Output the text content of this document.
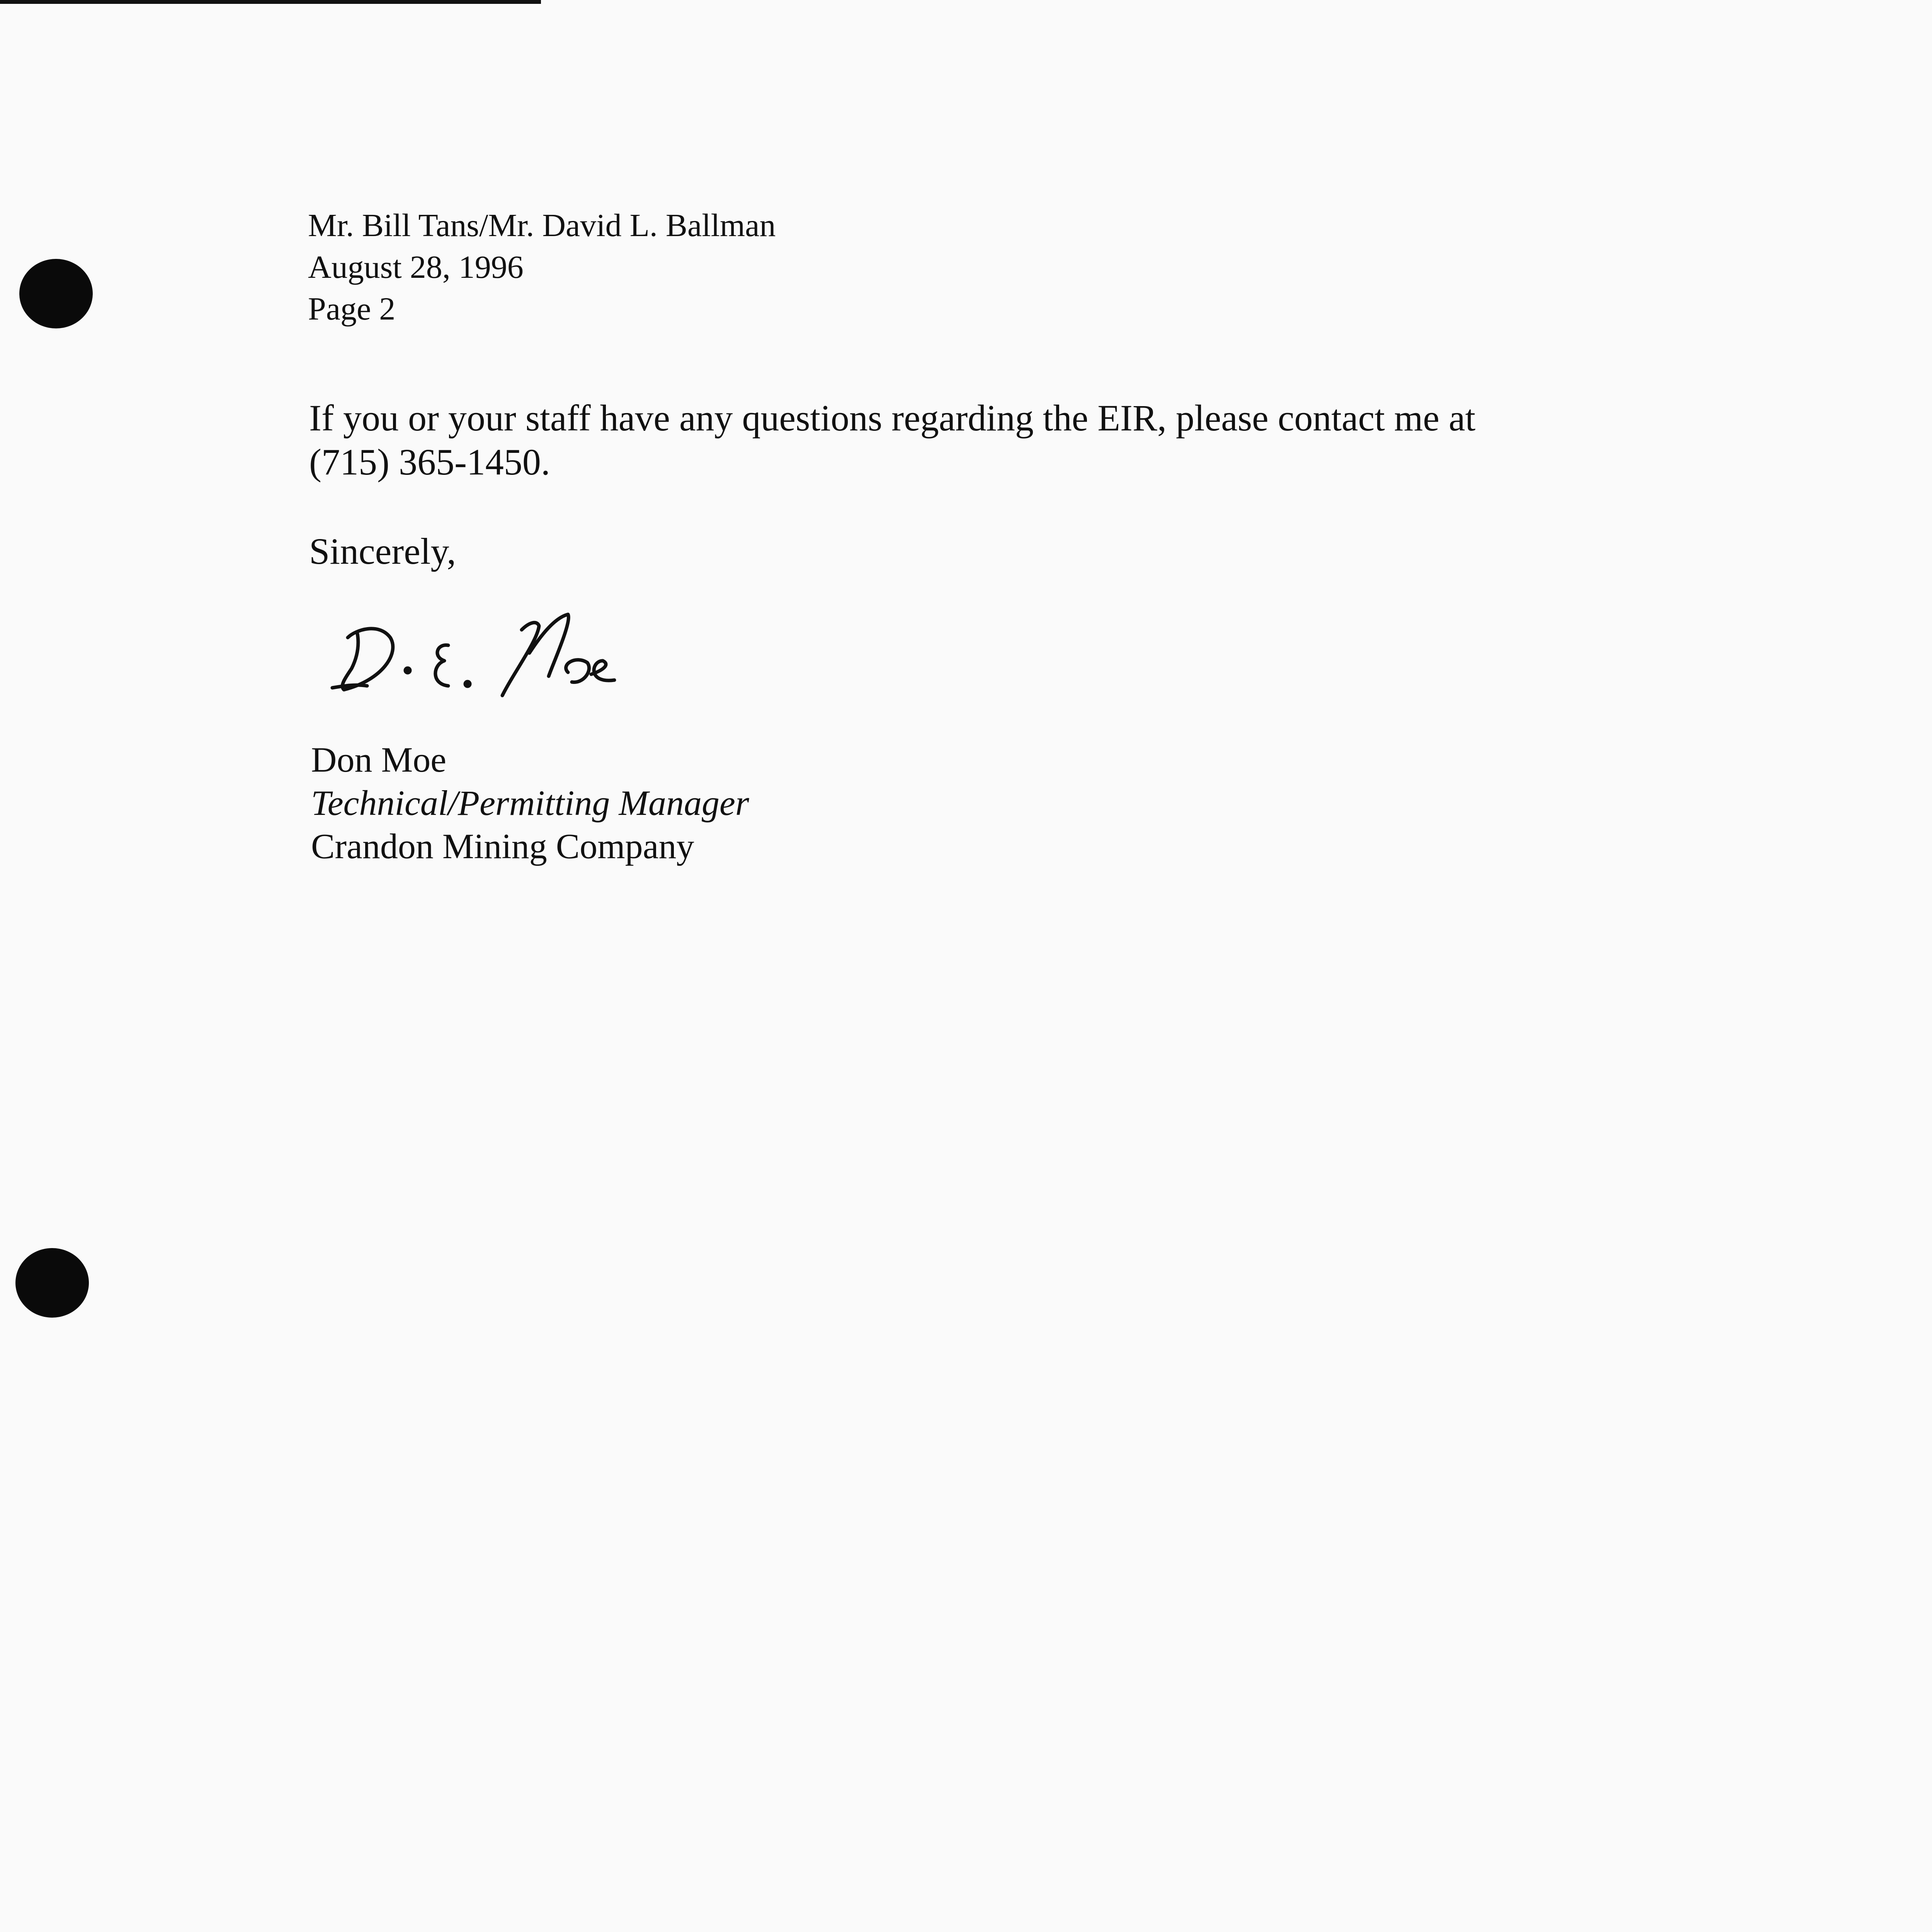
Mr. Bill Tans/Mr. David L. Ballman
August 28, 1996
Page 2
If you or your staff have any questions regarding the EIR, please contact me at
(715) 365-1450.
Sincerely,
Don Moe
Technical/Permitting Manager
Crandon Mining Company
